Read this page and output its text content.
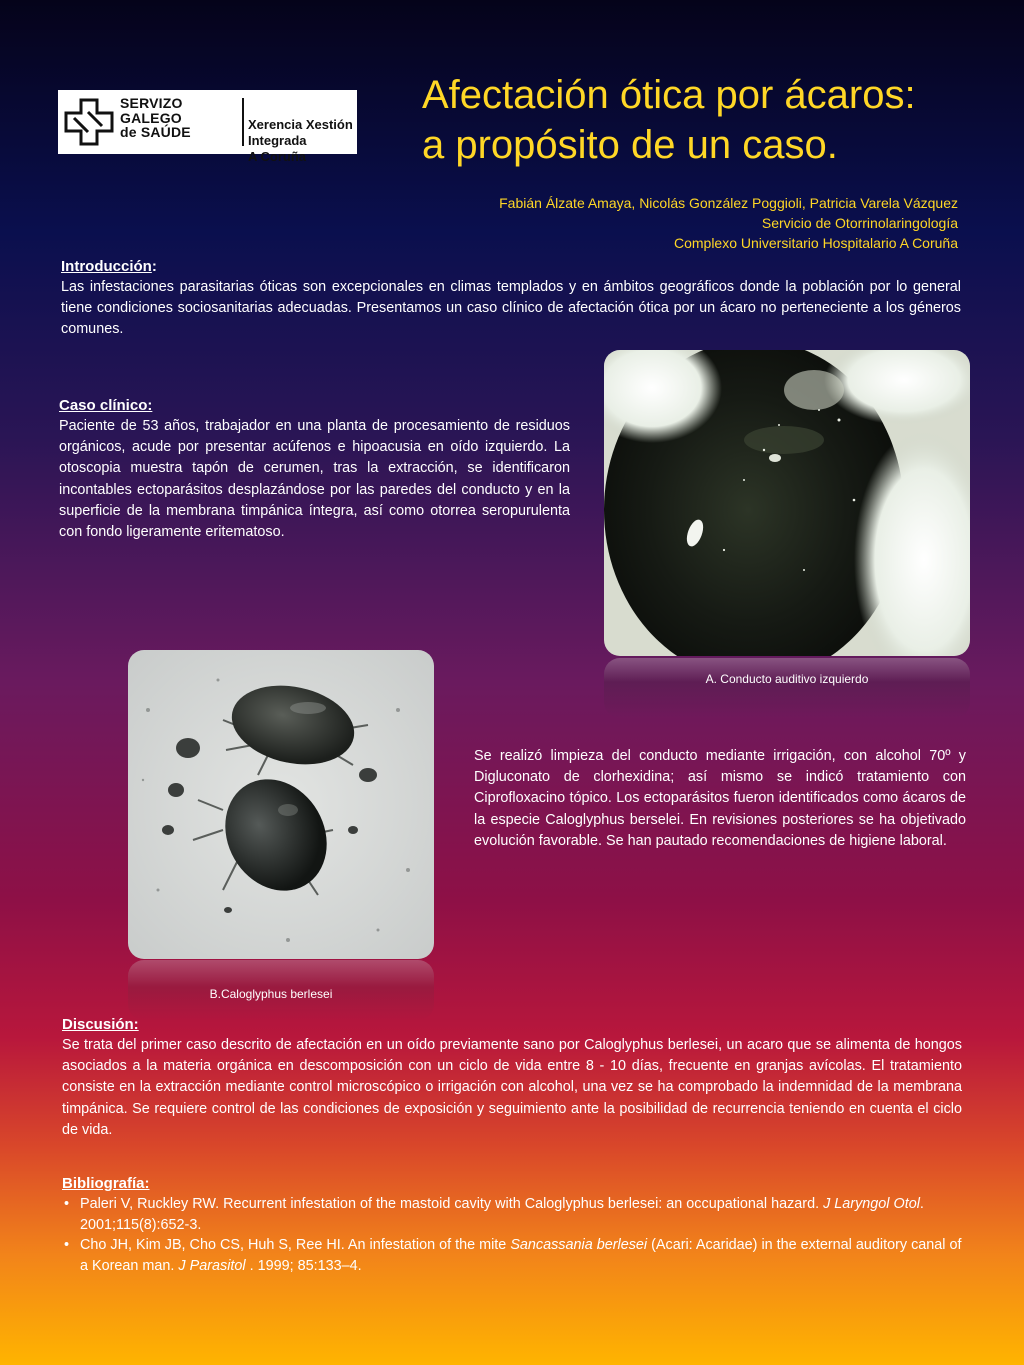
SERVIZO
GALEGO
de SAÚDE	Xerencia Xestión Integrada
A Coruña
Afectación ótica por ácaros:
a propósito de un caso.
Fabián Álzate Amaya, Nicolás González Poggioli, Patricia Varela Vázquez
Servicio de Otorrinolaringología
Complexo Universitario Hospitalario A Coruña
Introducción:

Las infestaciones parasitarias óticas son excepcionales en climas templados y en ámbitos geográficos donde la población por lo general tiene condiciones sociosanitarias adecuadas. Presentamos un caso clínico de afectación ótica por un ácaro no perteneciente a los géneros comunes.

Caso clínico:

Paciente de 53 años, trabajador en una planta de procesamiento de residuos orgánicos, acude por presentar acúfenos e hipoacusia en oído izquierdo. La otoscopia muestra tapón de cerumen, tras la extracción, se identificaron incontables ectoparásitos desplazándose por las paredes del conducto y en la superficie de la membrana timpánica íntegra, así como otorrea seropurulenta con fondo ligeramente eritematoso.

A. Conducto auditivo izquierdo
B.Caloglyphus berlesei

Se realizó limpieza del conducto mediante irrigación, con alcohol 70º y Digluconato de clorhexidina; así mismo se indicó tratamiento con Ciprofloxacino tópico. Los ectoparásitos fueron identificados como ácaros de la especie Caloglyphus berselei. En revisiones posteriores se ha objetivado evolución favorable. Se han pautado recomendaciones de higiene laboral.

Discusión:

Se trata del primer caso descrito de afectación en un oído previamente sano por Caloglyphus berlesei, un acaro que se alimenta de hongos asociados a la materia orgánica en descomposición con un ciclo de vida entre 8 - 10 días, frecuente en granjas avícolas. El tratamiento consiste en la extracción mediante control microscópico o irrigación con alcohol, una vez se ha comprobado la indemnidad de la membrana timpánica. Se requiere control de las condiciones de exposición y seguimiento ante la posibilidad de recurrencia teniendo en cuenta el ciclo de vida.

Bibliografía:
• Paleri V, Ruckley RW. Recurrent infestation of the mastoid cavity with Caloglyphus berlesei: an occupational hazard. J Laryngol Otol. 2001;115(8):652-3.
• Cho JH, Kim JB, Cho CS, Huh S, Ree HI. An infestation of the mite Sancassania berlesei (Acari: Acaridae) in the external auditory canal of a Korean man. J Parasitol . 1999; 85:133–4.
